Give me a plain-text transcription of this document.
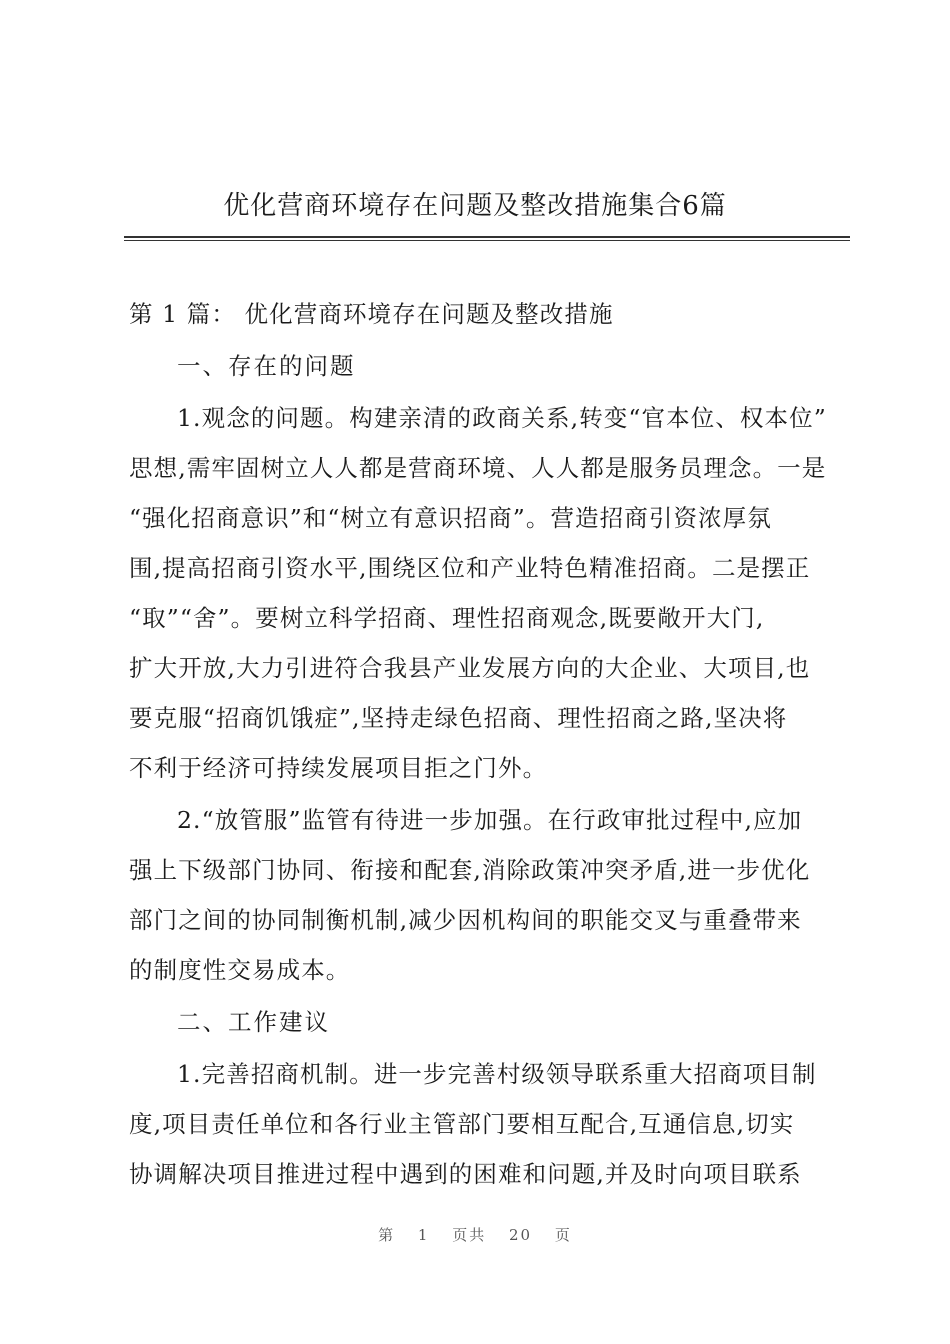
优化营商环境存在问题及整改措施集合6篇
第 1 篇： 优化营商环境存在问题及整改措施
一、存在的问题
1.观念的问题。构建亲清的政商关系,转变“官本位、权本位”
思想,需牢固树立人人都是营商环境、人人都是服务员理念。一是
“强化招商意识”和“树立有意识招商”。营造招商引资浓厚氛
围,提高招商引资水平,围绕区位和产业特色精准招商。二是摆正
“取”“舍”。要树立科学招商、理性招商观念,既要敞开大门,
扩大开放,大力引进符合我县产业发展方向的大企业、大项目,也
要克服“招商饥饿症”,坚持走绿色招商、理性招商之路,坚决将
不利于经济可持续发展项目拒之门外。
2.“放管服”监管有待进一步加强。在行政审批过程中,应加
强上下级部门协同、衔接和配套,消除政策冲突矛盾,进一步优化
部门之间的协同制衡机制,减少因机构间的职能交叉与重叠带来
的制度性交易成本。
二、工作建议
1.完善招商机制。进一步完善村级领导联系重大招商项目制
度,项目责任单位和各行业主管部门要相互配合,互通信息,切实
协调解决项目推进过程中遇到的困难和问题,并及时向项目联系
第 1 页共 20 页
